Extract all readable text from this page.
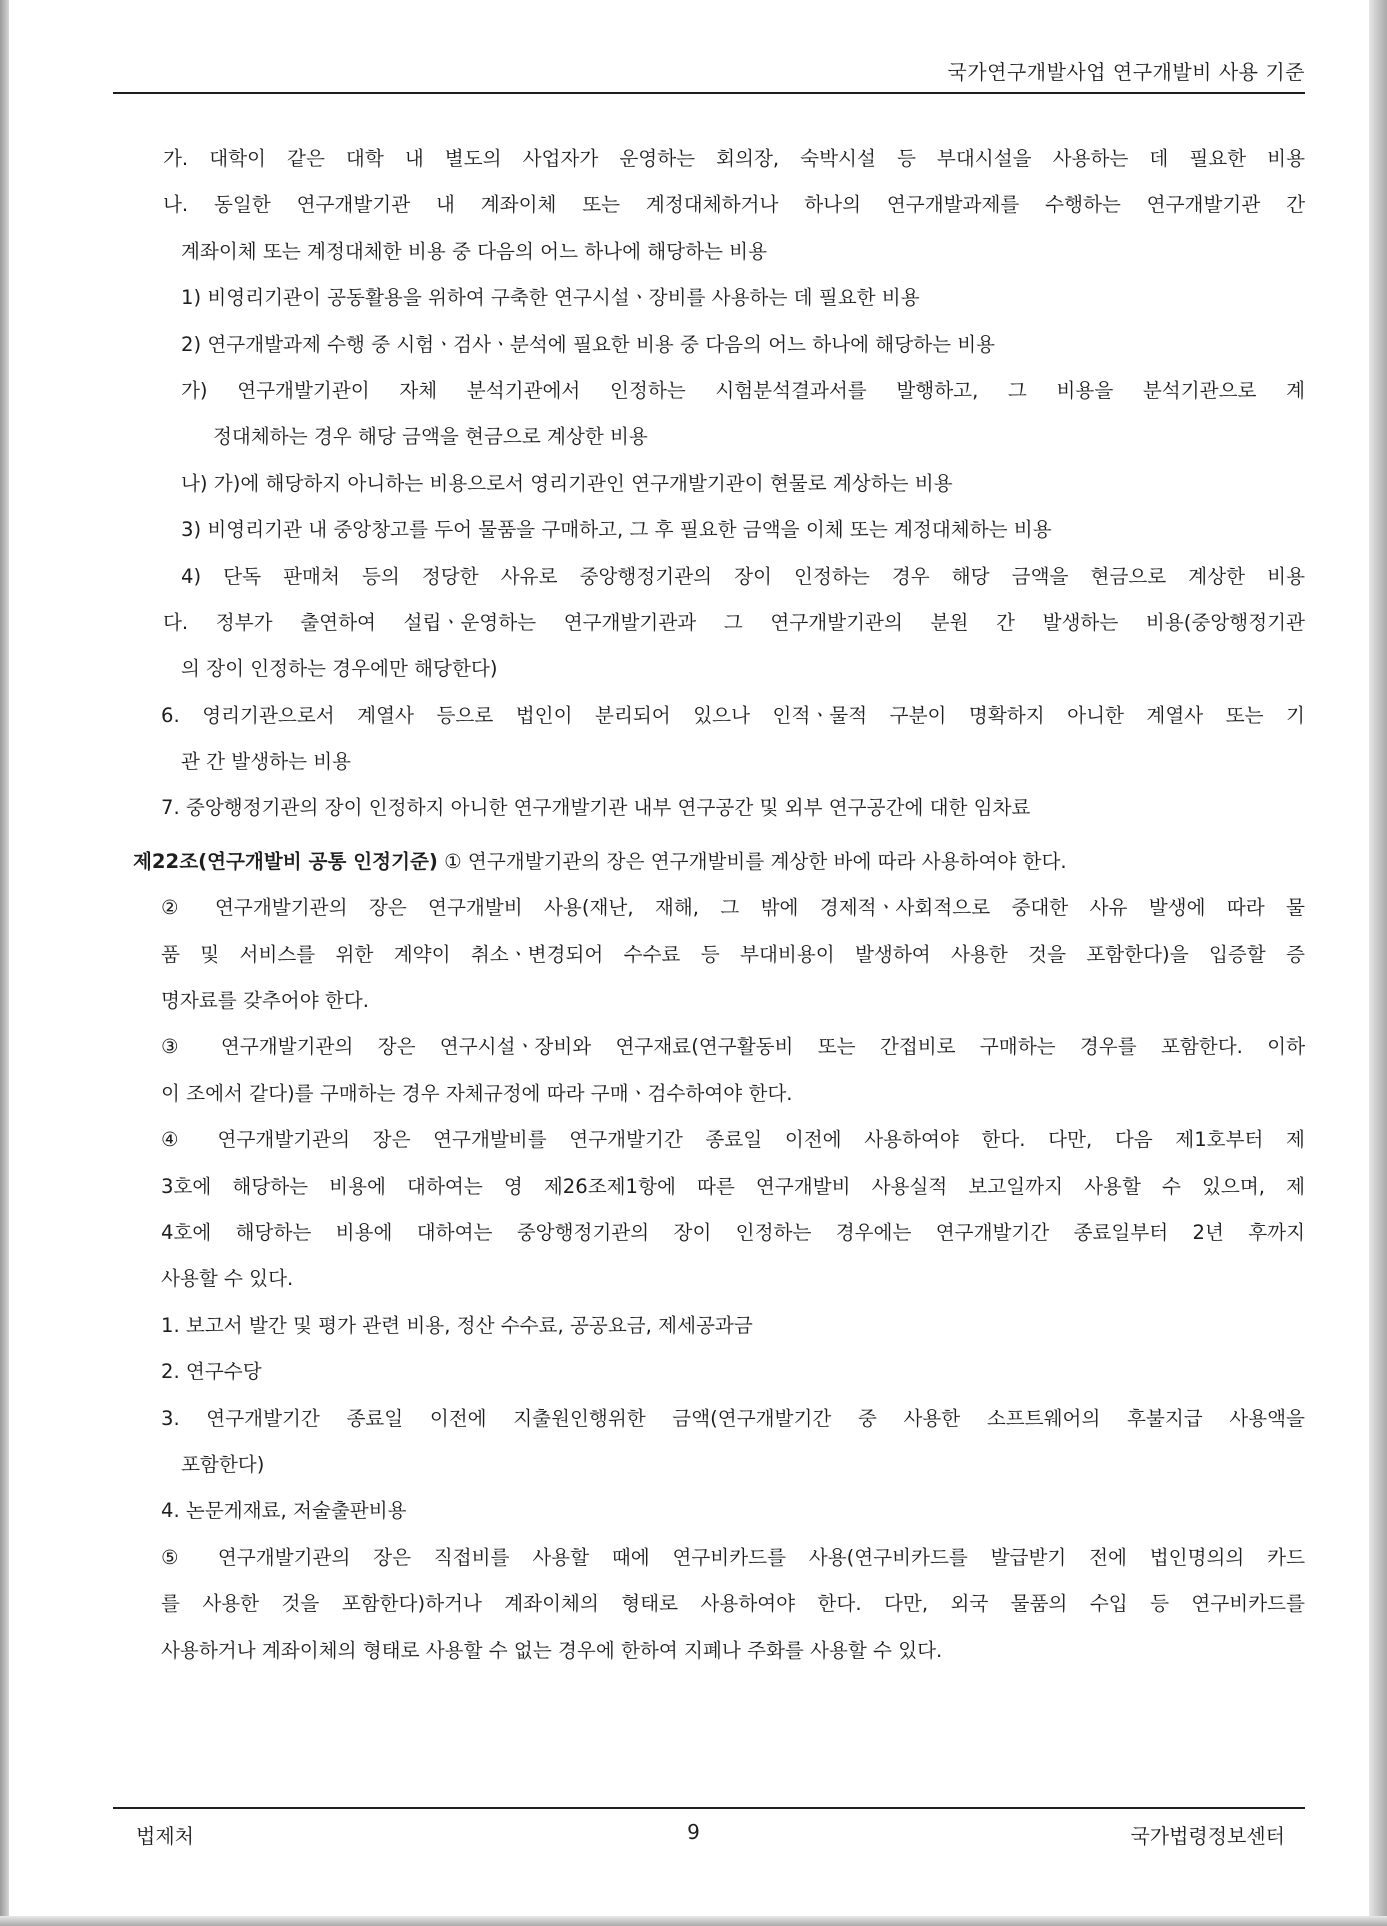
국가연구개발사업 연구개발비 사용 기준
가. 대학이 같은 대학 내 별도의 사업자가 운영하는 회의장, 숙박시설 등 부대시설을 사용하는 데 필요한 비용
나. 동일한 연구개발기관 내 계좌이체 또는 계정대체하거나 하나의 연구개발과제를 수행하는 연구개발기관 간
계좌이체 또는 계정대체한 비용 중 다음의 어느 하나에 해당하는 비용
1) 비영리기관이 공동활용을 위하여 구축한 연구시설ㆍ장비를 사용하는 데 필요한 비용
2) 연구개발과제 수행 중 시험ㆍ검사ㆍ분석에 필요한 비용 중 다음의 어느 하나에 해당하는 비용
가) 연구개발기관이 자체 분석기관에서 인정하는 시험분석결과서를 발행하고, 그 비용을 분석기관으로 계
정대체하는 경우 해당 금액을 현금으로 계상한 비용
나) 가)에 해당하지 아니하는 비용으로서 영리기관인 연구개발기관이 현물로 계상하는 비용
3) 비영리기관 내 중앙창고를 두어 물품을 구매하고, 그 후 필요한 금액을 이체 또는 계정대체하는 비용
4) 단독 판매처 등의 정당한 사유로 중앙행정기관의 장이 인정하는 경우 해당 금액을 현금으로 계상한 비용
다. 정부가 출연하여 설립ㆍ운영하는 연구개발기관과 그 연구개발기관의 분원 간 발생하는 비용(중앙행정기관
의 장이 인정하는 경우에만 해당한다)
6. 영리기관으로서 계열사 등으로 법인이 분리되어 있으나 인적ㆍ물적 구분이 명확하지 아니한 계열사 또는 기
관 간 발생하는 비용
7. 중앙행정기관의 장이 인정하지 아니한 연구개발기관 내부 연구공간 및 외부 연구공간에 대한 임차료
제22조(연구개발비 공통 인정기준) ① 연구개발기관의 장은 연구개발비를 계상한 바에 따라 사용하여야 한다.
② 연구개발기관의 장은 연구개발비 사용(재난, 재해, 그 밖에 경제적ㆍ사회적으로 중대한 사유 발생에 따라 물
품 및 서비스를 위한 계약이 취소ㆍ변경되어 수수료 등 부대비용이 발생하여 사용한 것을 포함한다)을 입증할 증
명자료를 갖추어야 한다.
③ 연구개발기관의 장은 연구시설ㆍ장비와 연구재료(연구활동비 또는 간접비로 구매하는 경우를 포함한다. 이하
이 조에서 같다)를 구매하는 경우 자체규정에 따라 구매ㆍ검수하여야 한다.
④ 연구개발기관의 장은 연구개발비를 연구개발기간 종료일 이전에 사용하여야 한다. 다만, 다음 제1호부터 제
3호에 해당하는 비용에 대하여는 영 제26조제1항에 따른 연구개발비 사용실적 보고일까지 사용할 수 있으며, 제
4호에 해당하는 비용에 대하여는 중앙행정기관의 장이 인정하는 경우에는 연구개발기간 종료일부터 2년 후까지
사용할 수 있다.
1. 보고서 발간 및 평가 관련 비용, 정산 수수료, 공공요금, 제세공과금
2. 연구수당
3. 연구개발기간 종료일 이전에 지출원인행위한 금액(연구개발기간 중 사용한 소프트웨어의 후불지급 사용액을
포함한다)
4. 논문게재료, 저술출판비용
⑤ 연구개발기관의 장은 직접비를 사용할 때에 연구비카드를 사용(연구비카드를 발급받기 전에 법인명의의 카드
를 사용한 것을 포함한다)하거나 계좌이체의 형태로 사용하여야 한다. 다만, 외국 물품의 수입 등 연구비카드를
사용하거나 계좌이체의 형태로 사용할 수 없는 경우에 한하여 지폐나 주화를 사용할 수 있다.
법제처	9	국가법령정보센터
